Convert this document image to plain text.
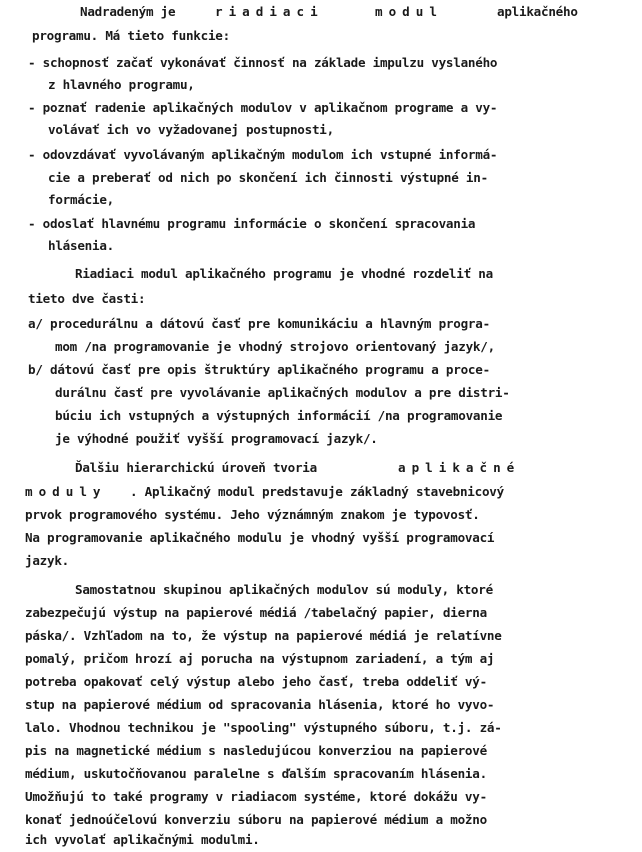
Nadradeným je	riadiaci	modul	aplikačného
programu. Má tieto funkcie:
- schopnosť začať vykonávať činnosť na základe impulzu vyslaného
z hlavného programu,
- poznať radenie aplikačných modulov v aplikačnom programe a vy-
volávať ich vo vyžadovanej postupnosti,
- odovzdávať vyvolávaným aplikačným modulom ich vstupné informá-
cie a preberať od nich po skončení ich činnosti výstupné in-
formácie,
- odoslať hlavnému programu informácie o skončení spracovania
hlásenia.
Riadiaci modul aplikačného programu je vhodné rozdeliť na
tieto dve časti:
a/ procedurálnu a dátovú časť pre komunikáciu a hlavným progra-
mom /na programovanie je vhodný strojovo orientovaný jazyk/,
b/ dátovú časť pre opis štruktúry aplikačného programu a proce-
durálnu časť pre vyvolávanie aplikačných modulov a pre distri-
búciu ich vstupných a výstupných informácií /na programovanie
je výhodné použiť vyšší programovací jazyk/.
Ďalšiu hierarchickú úroveň tvoria	aplikačné
moduly . Aplikačný modul predstavuje základný stavebnicový
prvok programového systému. Jeho význámným znakom je typovosť.
Na programovanie aplikačného modulu je vhodný vyšší programovací
jazyk.
Samostatnou skupinou aplikačných modulov sú moduly, ktoré
zabezpečujú výstup na papierové médiá /tabelačný papier, dierna
páska/. Vzhľadom na to, že výstup na papierové médiá je relatívne
pomalý, pričom hrozí aj porucha na výstupnom zariadení, a tým aj
potreba opakovať celý výstup alebo jeho časť, treba oddeliť vý-
stup na papierové médium od spracovania hlásenia, ktoré ho vyvo-
lalo. Vhodnou technikou je "spooling" výstupného súboru, t.j. zá-
pis na magnetické médium s nasledujúcou konverziou na papierové
médium, uskutočňovanou paralelne s ďalším spracovaním hlásenia.
Umožňujú to také programy v riadiacom systéme, ktoré dokážu vy-
konať jednoúčelovú konverziu súboru na papierové médium a možno
ich vyvolať aplikačnými modulmi.
